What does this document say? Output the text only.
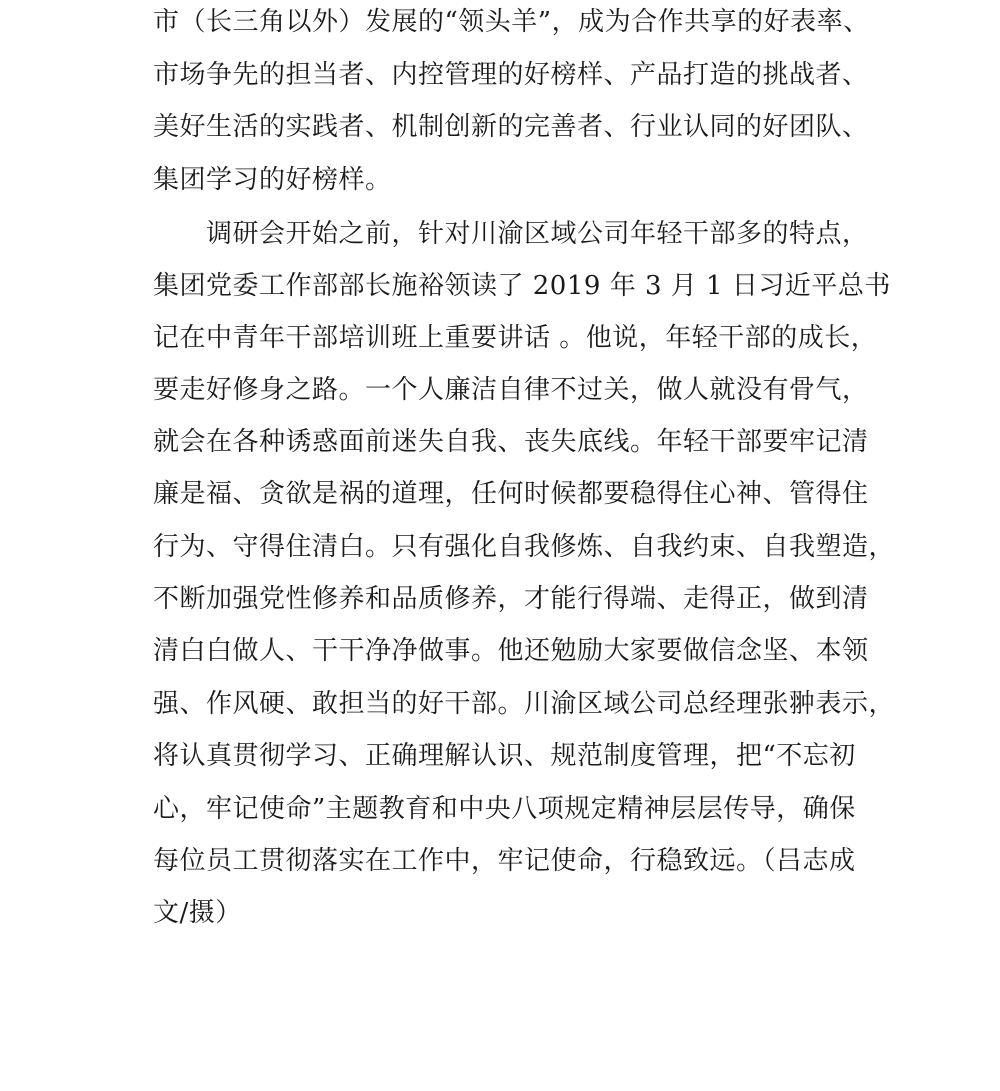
市（长三角以外）发展的“领头羊”，成为合作共享的好表率、
市场争先的担当者、内控管理的好榜样、产品打造的挑战者、
美好生活的实践者、机制创新的完善者、行业认同的好团队、
集团学习的好榜样。
调研会开始之前，针对川渝区域公司年轻干部多的特点，
集团党委工作部部长施裕领读了 2019 年 3 月 1 日习近平总书
记在中青年干部培训班上重要讲话 。他说，年轻干部的成长，
要走好修身之路。一个人廉洁自律不过关，做人就没有骨气，
就会在各种诱惑面前迷失自我、丧失底线。年轻干部要牢记清
廉是福、贪欲是祸的道理，任何时候都要稳得住心神、管得住
行为、守得住清白。只有强化自我修炼、自我约束、自我塑造，
不断加强党性修养和品质修养，才能行得端、走得正，做到清
清白白做人、干干净净做事。他还勉励大家要做信念坚、本领
强、作风硬、敢担当的好干部。川渝区域公司总经理张翀表示，
将认真贯彻学习、正确理解认识、规范制度管理，把“不忘初
心，牢记使命”主题教育和中央八项规定精神层层传导，确保
每位员工贯彻落实在工作中，牢记使命，行稳致远。（吕志成
文/摄）
